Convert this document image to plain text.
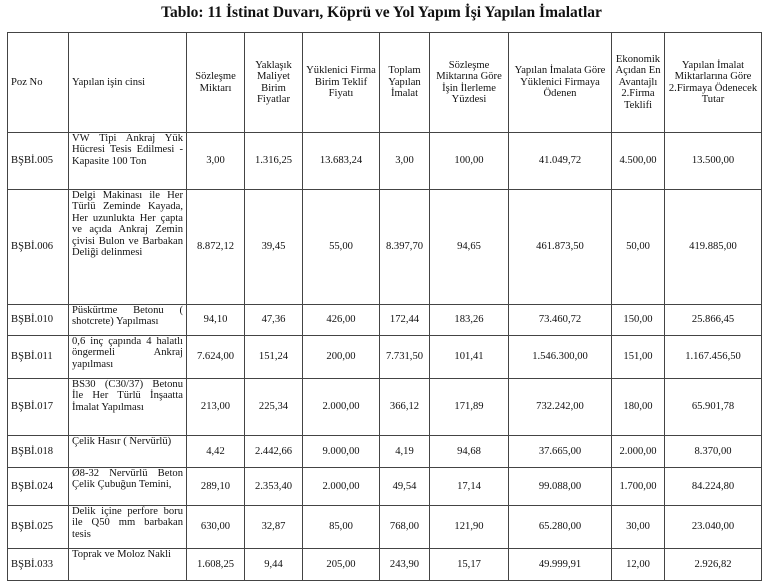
Tablo: 11 İstinat Duvarı, Köprü ve Yol Yapım İşi Yapılan İmalatlar
Poz No	Yapılan işin cinsi	Sözleşme Miktarı	Yaklaşık Maliyet Birim Fiyatlar	Yüklenici Firma Birim Teklif Fiyatı	Toplam Yapılan İmalat	Sözleşme Miktarına Göre İşin İlerleme Yüzdesi	Yapılan İmalata Göre Yüklenici Firmaya Ödenen	Ekonomik Açıdan En Avantajlı 2.Firma Teklifi	Yapılan İmalat Miktarlarına Göre 2.Firmaya Ödenecek Tutar
BŞBİ.005	VW Tipi Ankraj Yük Hücresi Tesis Edilmesi - Kapasite 100 Ton	3,00	1.316,25	13.683,24	3,00	100,00	41.049,72	4.500,00	13.500,00
BŞBİ.006	Delgi Makinası ile Her Türlü Zeminde Kayada, Her uzunlukta Her çapta ve açıda Ankraj Zemin çivisi Bulon ve Barbakan Deliği delinmesi	8.872,12	39,45	55,00	8.397,70	94,65	461.873,50	50,00	419.885,00
BŞBİ.010	Püskürtme Betonu ( shotcrete) Yapılması	94,10	47,36	426,00	172,44	183,26	73.460,72	150,00	25.866,45
BŞBİ.011	0,6 inç çapında 4 halatlı öngermeli Ankraj yapılması	7.624,00	151,24	200,00	7.731,50	101,41	1.546.300,00	151,00	1.167.456,50
BŞBİ.017	BS30 (C30/37) Betonu İle Her Türlü İnşaatta İmalat Yapılması	213,00	225,34	2.000,00	366,12	171,89	732.242,00	180,00	65.901,78
BŞBİ.018	Çelik Hasır ( Nervürlü)	4,42	2.442,66	9.000,00	4,19	94,68	37.665,00	2.000,00	8.370,00
BŞBİ.024	Ø8-32 Nervürlü Beton Çelik Çubuğun Temini,	289,10	2.353,40	2.000,00	49,54	17,14	99.088,00	1.700,00	84.224,80
BŞBİ.025	Delik içine perfore boru ile Q50 mm barbakan tesis	630,00	32,87	85,00	768,00	121,90	65.280,00	30,00	23.040,00
BŞBİ.033	Toprak ve Moloz Nakli	1.608,25	9,44	205,00	243,90	15,17	49.999,91	12,00	2.926,82
